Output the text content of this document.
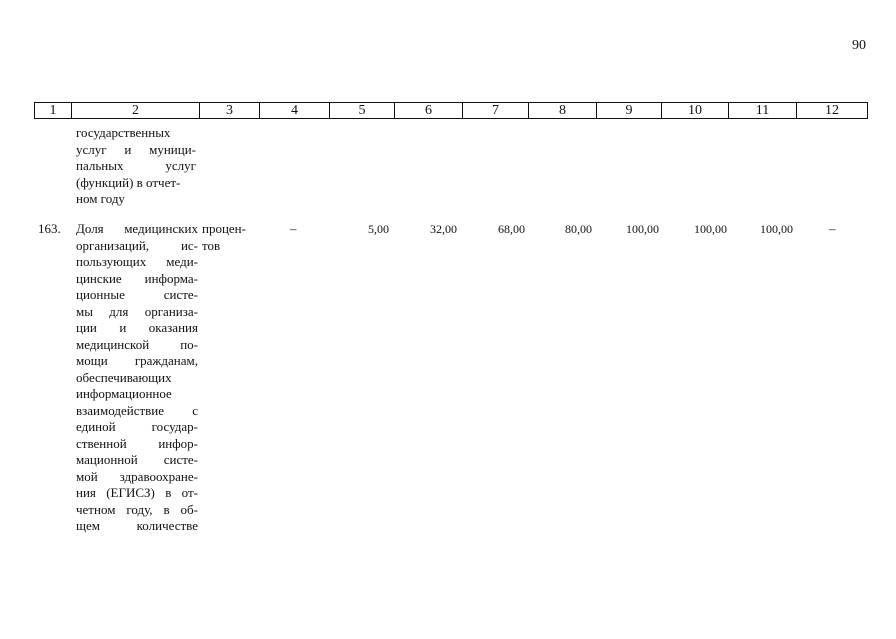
90
1	2	3	4	5	6	7	8	9	10	11	12
государственных
услуг и муници-
пальных услуг
(функций) в отчет-
ном году
163. Доля медицинских
организаций, ис-
пользующих меди-
цинские информа-
ционные	систе-
мы для организа-
ции и оказания
медицинской по-
мощи гражданам,
обеспечивающих
информационное
взаимодействие с
единой	государ-
ственной инфор-
мационной систе-
мой здравоохране-
ния (ЕГИСЗ) в от-
четном году, в об-
щем	количестве
процен-
тов
–	5,00	32,00	68,00	80,00	100,00	100,00	100,00	–
